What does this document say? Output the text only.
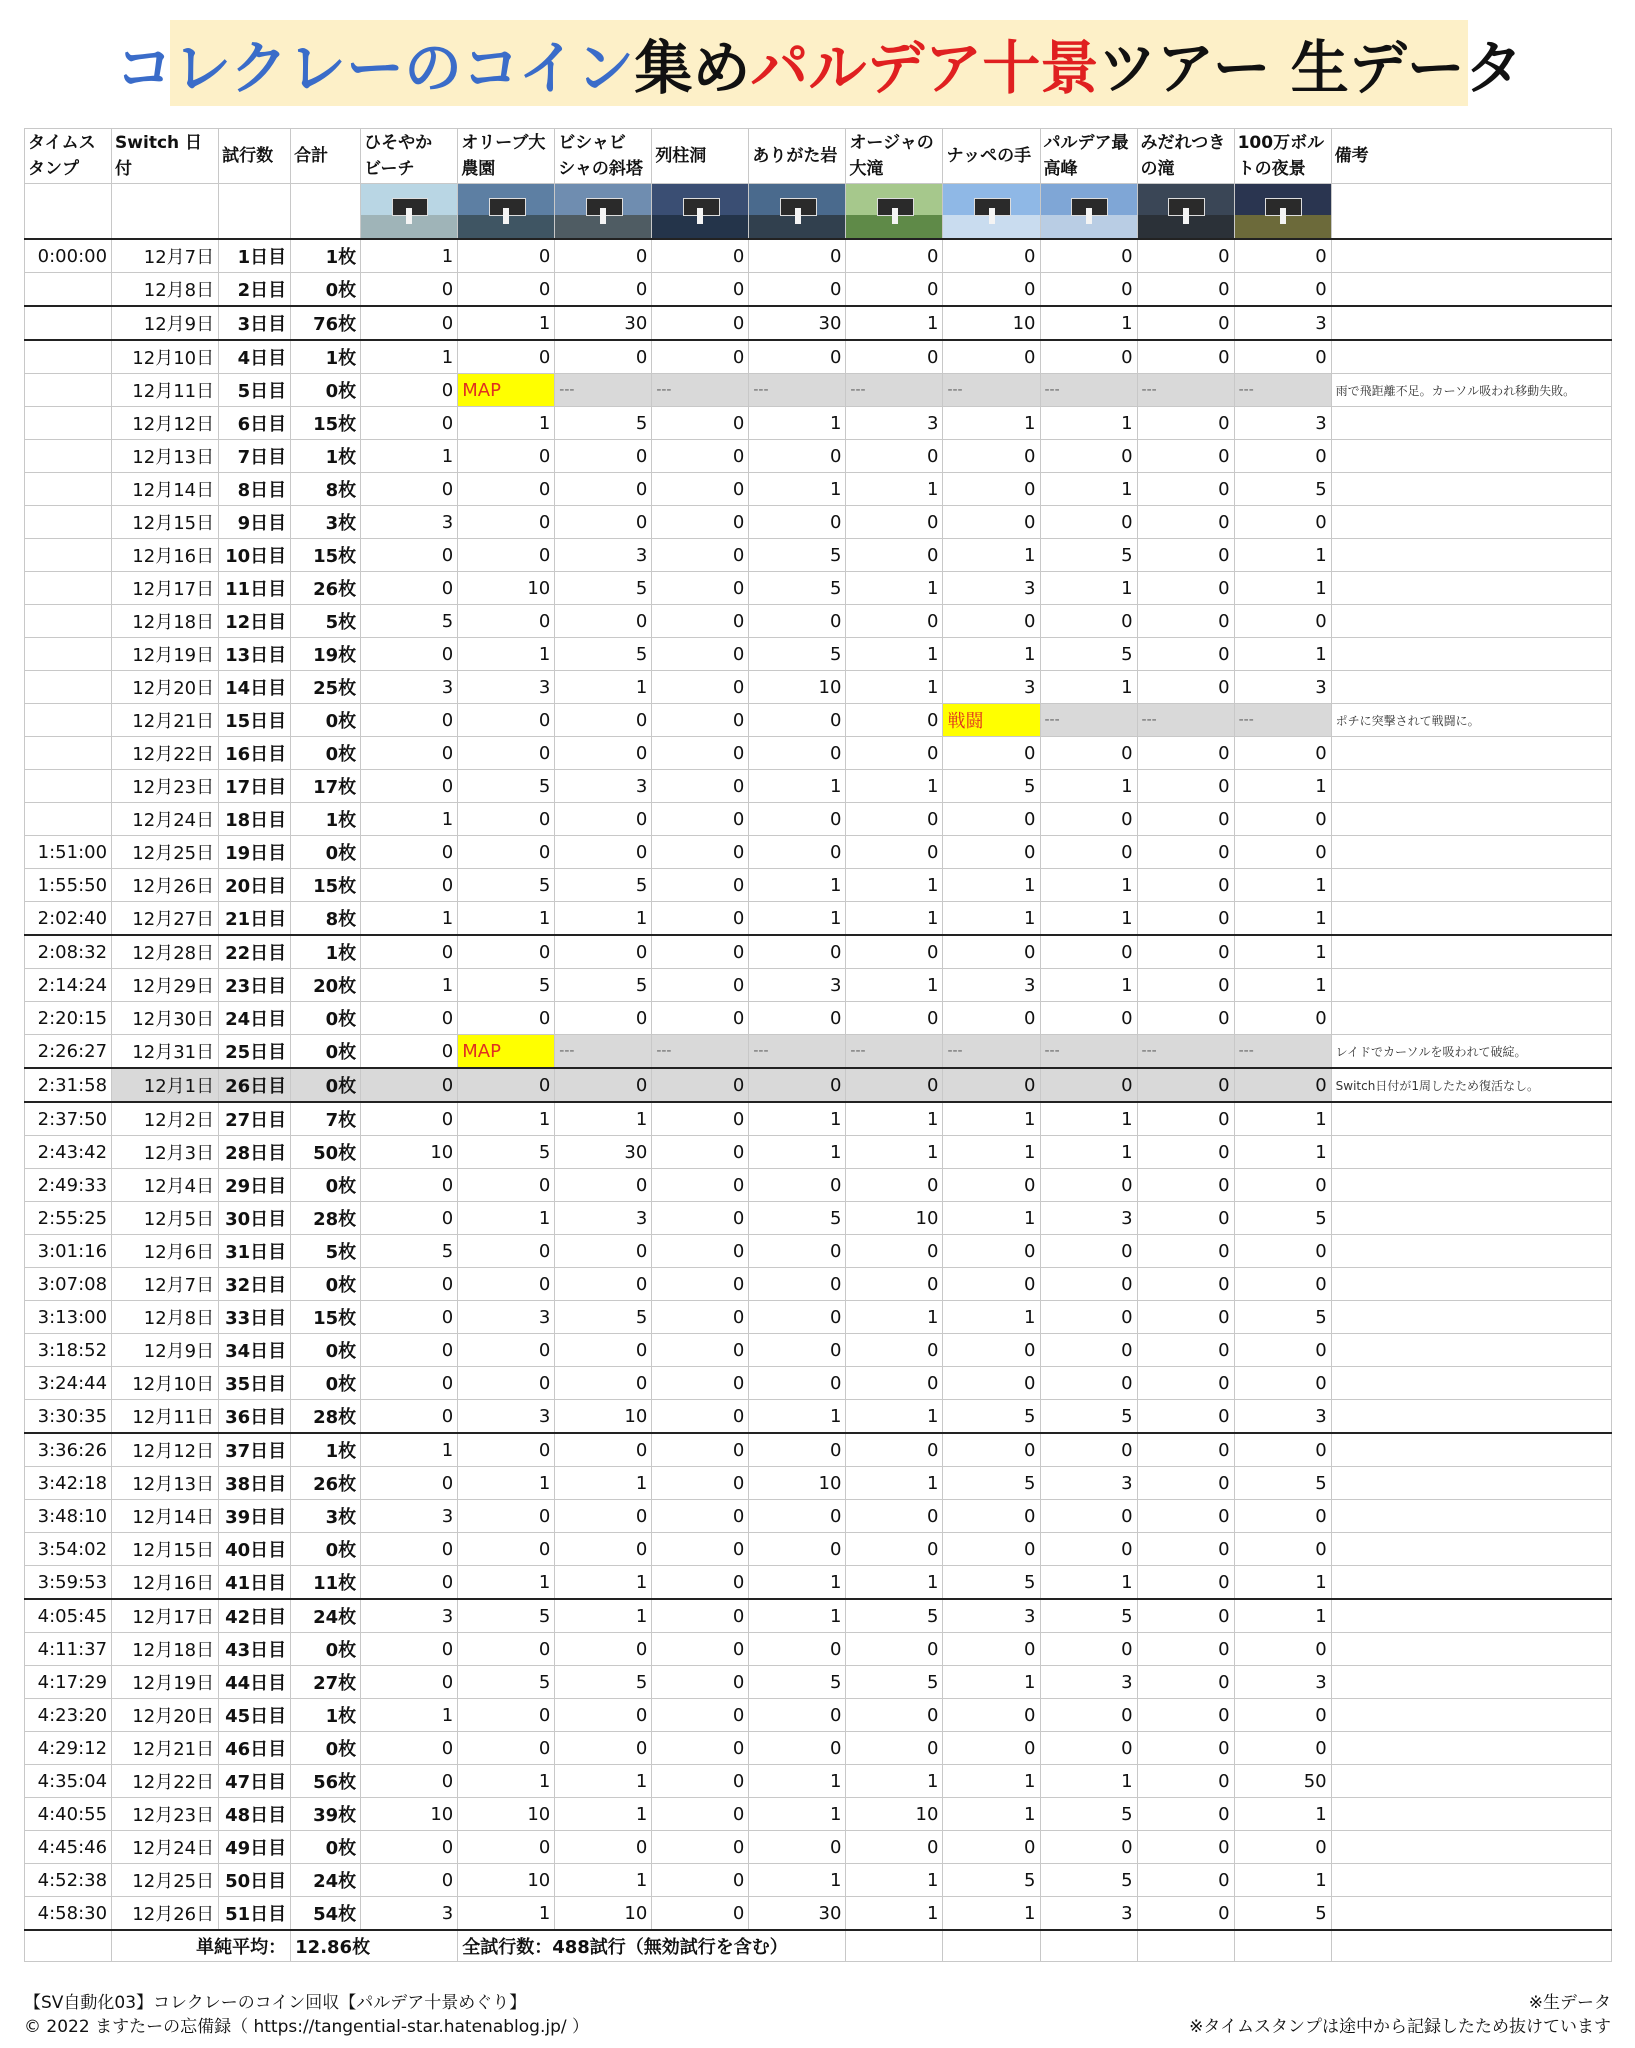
コレクレーのコイン 集め パルデア十景 ツアー 生データ
タイムス タンプ	Switch 日付	試行数	合計	ひそやか ビーチ	オリーブ大 農園	ビシャビ シャの斜塔	列柱洞	ありがた岩	オージャの 大滝	ナッペの手	パルデア最 高峰	みだれつき の滝	100万ボル トの夜景	備考

0:00:00	12月7日	1日目	1枚	1	0	0	0	0	0	0	0	0	0	
	12月8日	2日目	0枚	0	0	0	0	0	0	0	0	0	0	
	12月9日	3日目	76枚	0	1	30	0	30	1	10	1	0	3	
	12月10日	4日目	1枚	1	0	0	0	0	0	0	0	0	0	
	12月11日	5日目	0枚	0	MAP	---	---	---	---	---	---	---	---	雨で飛距離不足。カーソル吸われ移動失敗。
	12月12日	6日目	15枚	0	1	5	0	1	3	1	1	0	3	
	12月13日	7日目	1枚	1	0	0	0	0	0	0	0	0	0	
	12月14日	8日目	8枚	0	0	0	0	1	1	0	1	0	5	
	12月15日	9日目	3枚	3	0	0	0	0	0	0	0	0	0	
	12月16日	10日目	15枚	0	0	3	0	5	0	1	5	0	1	
	12月17日	11日目	26枚	0	10	5	0	5	1	3	1	0	1	
	12月18日	12日目	5枚	5	0	0	0	0	0	0	0	0	0	
	12月19日	13日目	19枚	0	1	5	0	5	1	1	5	0	1	
	12月20日	14日目	25枚	3	3	1	0	10	1	3	1	0	3	
	12月21日	15日目	0枚	0	0	0	0	0	0	戦闘	---	---	---	ポチに突撃されて戦闘に。
	12月22日	16日目	0枚	0	0	0	0	0	0	0	0	0	0	
	12月23日	17日目	17枚	0	5	3	0	1	1	5	1	0	1	
	12月24日	18日目	1枚	1	0	0	0	0	0	0	0	0	0	
1:51:00	12月25日	19日目	0枚	0	0	0	0	0	0	0	0	0	0	
1:55:50	12月26日	20日目	15枚	0	5	5	0	1	1	1	1	0	1	
2:02:40	12月27日	21日目	8枚	1	1	1	0	1	1	1	1	0	1	
2:08:32	12月28日	22日目	1枚	0	0	0	0	0	0	0	0	0	1	
2:14:24	12月29日	23日目	20枚	1	5	5	0	3	1	3	1	0	1	
2:20:15	12月30日	24日目	0枚	0	0	0	0	0	0	0	0	0	0	
2:26:27	12月31日	25日目	0枚	0	MAP	---	---	---	---	---	---	---	---	レイドでカーソルを吸われて破綻。
2:31:58	12月1日	26日目	0枚	0	0	0	0	0	0	0	0	0	0	Switch日付が1周したため復活なし。
2:37:50	12月2日	27日目	7枚	0	1	1	0	1	1	1	1	0	1	
2:43:42	12月3日	28日目	50枚	10	5	30	0	1	1	1	1	0	1	
2:49:33	12月4日	29日目	0枚	0	0	0	0	0	0	0	0	0	0	
2:55:25	12月5日	30日目	28枚	0	1	3	0	5	10	1	3	0	5	
3:01:16	12月6日	31日目	5枚	5	0	0	0	0	0	0	0	0	0	
3:07:08	12月7日	32日目	0枚	0	0	0	0	0	0	0	0	0	0	
3:13:00	12月8日	33日目	15枚	0	3	5	0	0	1	1	0	0	5	
3:18:52	12月9日	34日目	0枚	0	0	0	0	0	0	0	0	0	0	
3:24:44	12月10日	35日目	0枚	0	0	0	0	0	0	0	0	0	0	
3:30:35	12月11日	36日目	28枚	0	3	10	0	1	1	5	5	0	3	
3:36:26	12月12日	37日目	1枚	1	0	0	0	0	0	0	0	0	0	
3:42:18	12月13日	38日目	26枚	0	1	1	0	10	1	5	3	0	5	
3:48:10	12月14日	39日目	3枚	3	0	0	0	0	0	0	0	0	0	
3:54:02	12月15日	40日目	0枚	0	0	0	0	0	0	0	0	0	0	
3:59:53	12月16日	41日目	11枚	0	1	1	0	1	1	5	1	0	1	
4:05:45	12月17日	42日目	24枚	3	5	1	0	1	5	3	5	0	1	
4:11:37	12月18日	43日目	0枚	0	0	0	0	0	0	0	0	0	0	
4:17:29	12月19日	44日目	27枚	0	5	5	0	5	5	1	3	0	3	
4:23:20	12月20日	45日目	1枚	1	0	0	0	0	0	0	0	0	0	
4:29:12	12月21日	46日目	0枚	0	0	0	0	0	0	0	0	0	0	
4:35:04	12月22日	47日目	56枚	0	1	1	0	1	1	1	1	0	50	
4:40:55	12月23日	48日目	39枚	10	10	1	0	1	10	1	5	0	1	
4:45:46	12月24日	49日目	0枚	0	0	0	0	0	0	0	0	0	0	
4:52:38	12月25日	50日目	24枚	0	10	1	0	1	1	5	5	0	1	
4:58:30	12月26日	51日目	54枚	3	1	10	0	30	1	1	3	0	5	
	単純平均：		12.86枚		全試行数：488試行（無効試行を含む）									
【SV自動化03】コレクレーのコイン回収【パルデア十景めぐり】
© 2022 ますたーの忘備録（ https://tangential-star.hatenablog.jp/ ）
※生データ
※タイムスタンプは途中から記録したため抜けています
